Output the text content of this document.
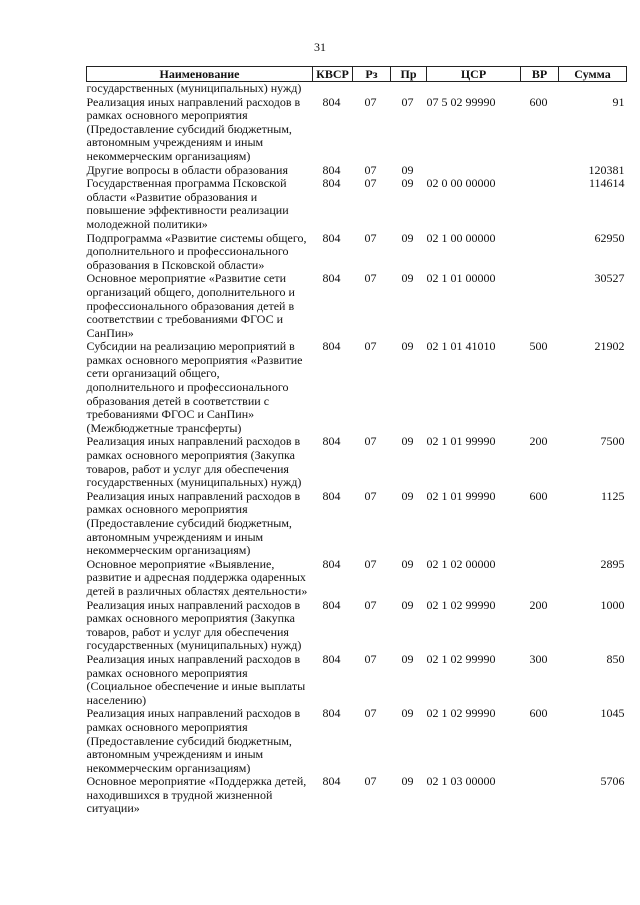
31
Наименование	КВСР	Рз	Пр	ЦСР	ВР	Сумма
государственных (муниципальных) нужд)						
Реализация иных направлений расходов в рамках основного мероприятия (Предоставление субсидий бюджетным, автономным учреждениям и иным некоммерческим организациям)	804	07	07	07 5 02 99990	600	91
Другие вопросы в области образования	804	07	09			120381
Государственная программа Псковской области «Развитие образования и повышение эффективности реализации молодежной политики»	804	07	09	02 0 00 00000		114614
Подпрограмма «Развитие системы общего, дополнительного и профессионального образования в Псковской области»	804	07	09	02 1 00 00000		62950
Основное мероприятие «Развитие сети организаций общего, дополнительного и профессионального образования детей в соответствии с требованиями ФГОС и СанПин»	804	07	09	02 1 01 00000		30527
Субсидии на реализацию мероприятий в рамках основного мероприятия «Развитие сети организаций общего, дополнительного и профессионального образования детей в соответствии с требованиями ФГОС и СанПин» (Межбюджетные трансферты)	804	07	09	02 1 01 41010	500	21902
Реализация иных направлений расходов в рамках основного мероприятия (Закупка товаров, работ и услуг для обеспечения государственных (муниципальных) нужд)	804	07	09	02 1 01 99990	200	7500
Реализация иных направлений расходов в рамках основного мероприятия (Предоставление субсидий бюджетным, автономным учреждениям и иным некоммерческим организациям)	804	07	09	02 1 01 99990	600	1125
Основное мероприятие «Выявление, развитие и адресная поддержка одаренных детей в различных областях деятельности»	804	07	09	02 1 02 00000		2895
Реализация иных направлений расходов в рамках основного мероприятия (Закупка товаров, работ и услуг для обеспечения государственных (муниципальных) нужд)	804	07	09	02 1 02 99990	200	1000
Реализация иных направлений расходов в рамках основного мероприятия (Социальное обеспечение и иные выплаты населению)	804	07	09	02 1 02 99990	300	850
Реализация иных направлений расходов в рамках основного мероприятия (Предоставление субсидий бюджетным, автономным учреждениям и иным некоммерческим организациям)	804	07	09	02 1 02 99990	600	1045
Основное мероприятие «Поддержка детей, находившихся в трудной жизненной ситуации»	804	07	09	02 1 03 00000		5706
